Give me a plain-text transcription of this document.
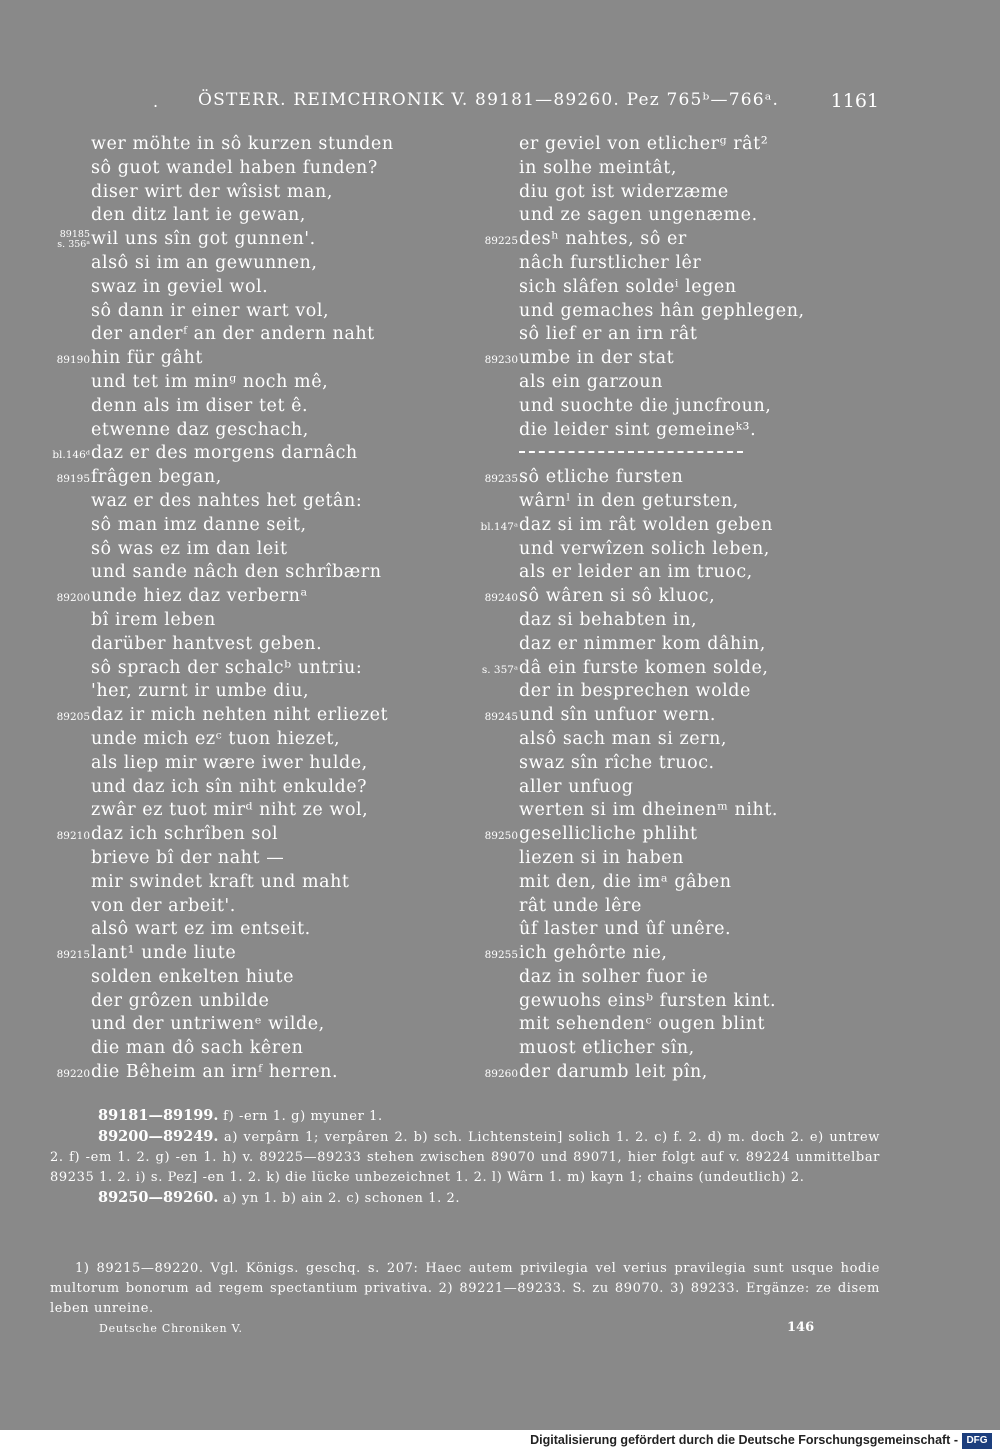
. ÖSTERR. REIMCHRONIK V. 89181—89260. Pez 765ᵇ—766ᵃ.	1161
wer möhte in sô kurzen stunden
sô guot wandel haben funden?
diser wirt der wîsist man,
den ditz lant ie gewan,
89185
s. 356ᵃ wil uns sîn got gunnen'.
alsô si im an gewunnen,
swaz in geviel wol.
sô dann ir einer wart vol,
der anderᶠ an der andern naht
89190 hin für gâht
und tet im minᵍ noch mê,
denn als im diser tet ê.
etwenne daz geschach,
bl.146ᵈ daz er des morgens darnâch
89195 frâgen began,
waz er des nahtes het getân:
sô man imz danne seit,
sô was ez im dan leit
und sande nâch den schrîbærn
89200 unde hiez daz verbernᵃ
bî irem leben
darüber hantvest geben.
sô sprach der schalcᵇ untriu:
'her, zurnt ir umbe diu,
89205 daz ir mich nehten niht erliezet
unde mich ezᶜ tuon hiezet,
als liep mir wære iwer hulde,
und daz ich sîn niht enkulde?
zwâr ez tuot mirᵈ niht ze wol,
89210 daz ich schrîben sol
brieve bî der naht —
mir swindet kraft und maht
von der arbeit'.
alsô wart ez im entseit.
89215 lant¹ unde liute
solden enkelten hiute
der grôzen unbilde
und der untriwenᵉ wilde,
die man dô sach kêren
89220 die Bêheim an irnᶠ herren.
er geviel von etlicherᵍ rât²
in solhe meintât,
diu got ist widerzæme
und ze sagen ungenæme.
89225 desʰ nahtes, sô er
nâch furstlicher lêr
sich slâfen soldeⁱ legen
und gemaches hân gephlegen,
sô lief er an irn rât
89230 umbe in der stat
als ein garzoun
und suochte die juncfroun,
die leider sint gemeineᵏ³.
89235 sô etliche fursten
wârnˡ in den getursten,
bl.147ᵃ daz si im rât wolden geben
und verwîzen solich leben,
als er leider an im truoc,
89240 sô wâren si sô kluoc,
daz si behabten in,
daz er nimmer kom dâhin,
s. 357ᵃ dâ ein furste komen solde,
der in besprechen wolde
89245 und sîn unfuor wern.
alsô sach man si zern,
swaz sîn rîche truoc.
aller unfuog
werten si im dheinenᵐ niht.
89250 gesellicliche phliht
liezen si in haben
mit den, die imᵃ gâben
rât unde lêre
ûf laster und ûf unêre.
89255 ich gehôrte nie,
daz in solher fuor ie
gewuohs einsᵇ fursten kint.
mit sehendenᶜ ougen blint
muost etlicher sîn,
89260 der darumb leit pîn,

89181—89199. f) -ern 1. g) myuner 1.

89200—89249. a) verpârn 1; verpâren 2. b) sch. Lichtenstein] solich 1. 2. c) f. 2. d) m. doch 2. e) untrew 2. f) -em 1. 2. g) -en 1. h) v. 89225—89233 stehen zwischen 89070 und 89071, hier folgt auf v. 89224 unmittelbar 89235 1. 2. i) s. Pez] -en 1. 2. k) die lücke unbezeichnet 1. 2. l) Wârn 1. m) kayn 1; chains (undeutlich) 2.

89250—89260. a) yn 1. b) ain 2. c) schonen 1. 2.

1) 89215—89220. Vgl. Königs. geschq. s. 207: Haec autem privilegia vel verius pravilegia sunt usque hodie multorum bonorum ad regem spectantium privativa. 2) 89221—89233. S. zu 89070. 3) 89233. Ergänze: ze disem leben unreine.

Deutsche Chroniken V.	146
Digitalisierung gefördert durch die Deutsche Forschungsgemeinschaft - DFG
